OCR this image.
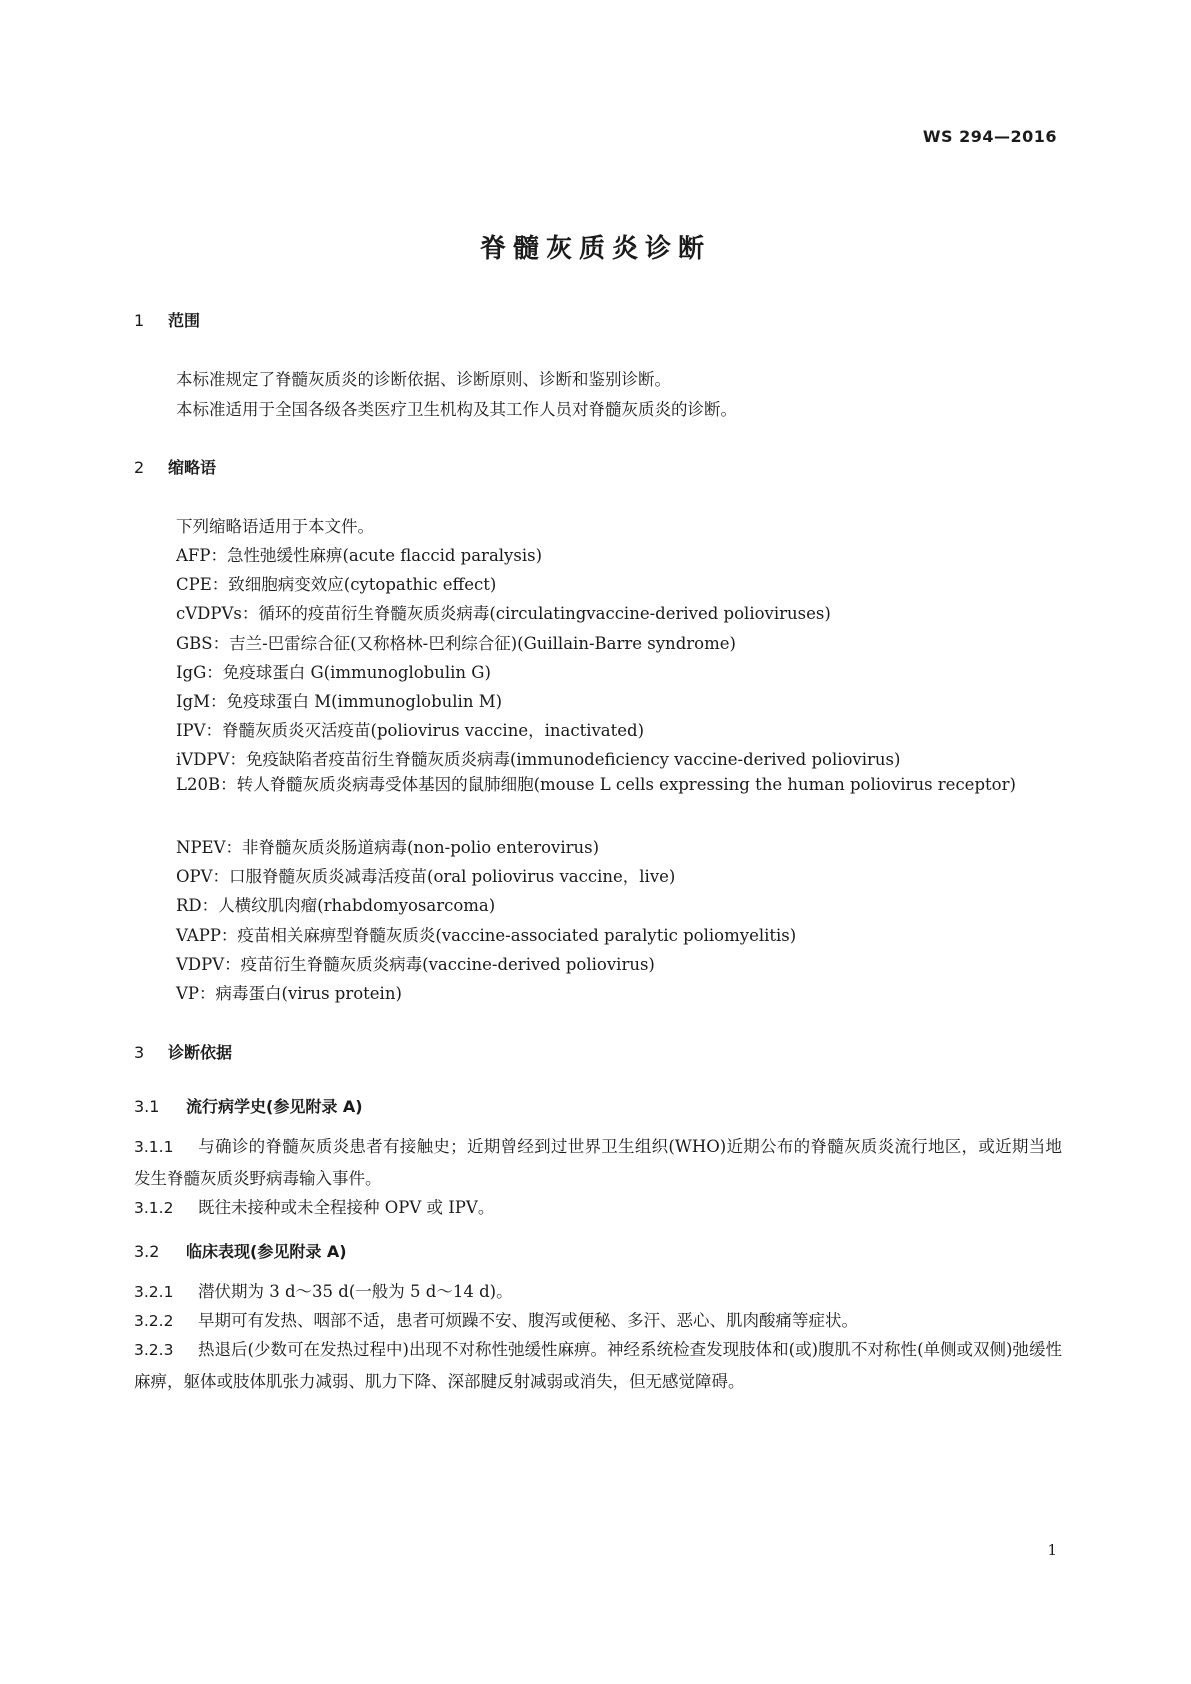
WS 294—2016
脊髓灰质炎诊断
1 范围
本标准规定了脊髓灰质炎的诊断依据、诊断原则、诊断和鉴别诊断。
本标准适用于全国各级各类医疗卫生机构及其工作人员对脊髓灰质炎的诊断。
2 缩略语
下列缩略语适用于本文件。
AFP：急性弛缓性麻痹(acute flaccid paralysis)
CPE：致细胞病变效应(cytopathic effect)
cVDPVs：循环的疫苗衍生脊髓灰质炎病毒(circulatingvaccine-derived polioviruses)
GBS：吉兰-巴雷综合征(又称格林-巴利综合征)(Guillain-Barre syndrome)
IgG：免疫球蛋白 G(immunoglobulin G)
IgM：免疫球蛋白 M(immunoglobulin M)
IPV：脊髓灰质炎灭活疫苗(poliovirus vaccine，inactivated)
iVDPV：免疫缺陷者疫苗衍生脊髓灰质炎病毒(immunodeficiency vaccine-derived poliovirus)
L20B：转人脊髓灰质炎病毒受体基因的鼠肺细胞(mouse L cells expressing the human poliovirus receptor)
NPEV：非脊髓灰质炎肠道病毒(non-polio enterovirus)
OPV：口服脊髓灰质炎减毒活疫苗(oral poliovirus vaccine，live)
RD：人横纹肌肉瘤(rhabdomyosarcoma)
VAPP：疫苗相关麻痹型脊髓灰质炎(vaccine-associated paralytic poliomyelitis)
VDPV：疫苗衍生脊髓灰质炎病毒(vaccine-derived poliovirus)
VP：病毒蛋白(virus protein)
3 诊断依据
3.1 流行病学史(参见附录 A)
3.1.1 与确诊的脊髓灰质炎患者有接触史；近期曾经到过世界卫生组织(WHO)近期公布的脊髓灰质炎流行地区，或近期当地发生脊髓灰质炎野病毒输入事件。
3.1.2 既往未接种或未全程接种 OPV 或 IPV。
3.2 临床表现(参见附录 A)
3.2.1 潜伏期为 3 d～35 d(一般为 5 d～14 d)。
3.2.2 早期可有发热、咽部不适，患者可烦躁不安、腹泻或便秘、多汗、恶心、肌肉酸痛等症状。
3.2.3 热退后(少数可在发热过程中)出现不对称性弛缓性麻痹。神经系统检查发现肢体和(或)腹肌不对称性(单侧或双侧)弛缓性麻痹，躯体或肢体肌张力减弱、肌力下降、深部腱反射减弱或消失，但无感觉障碍。
1
